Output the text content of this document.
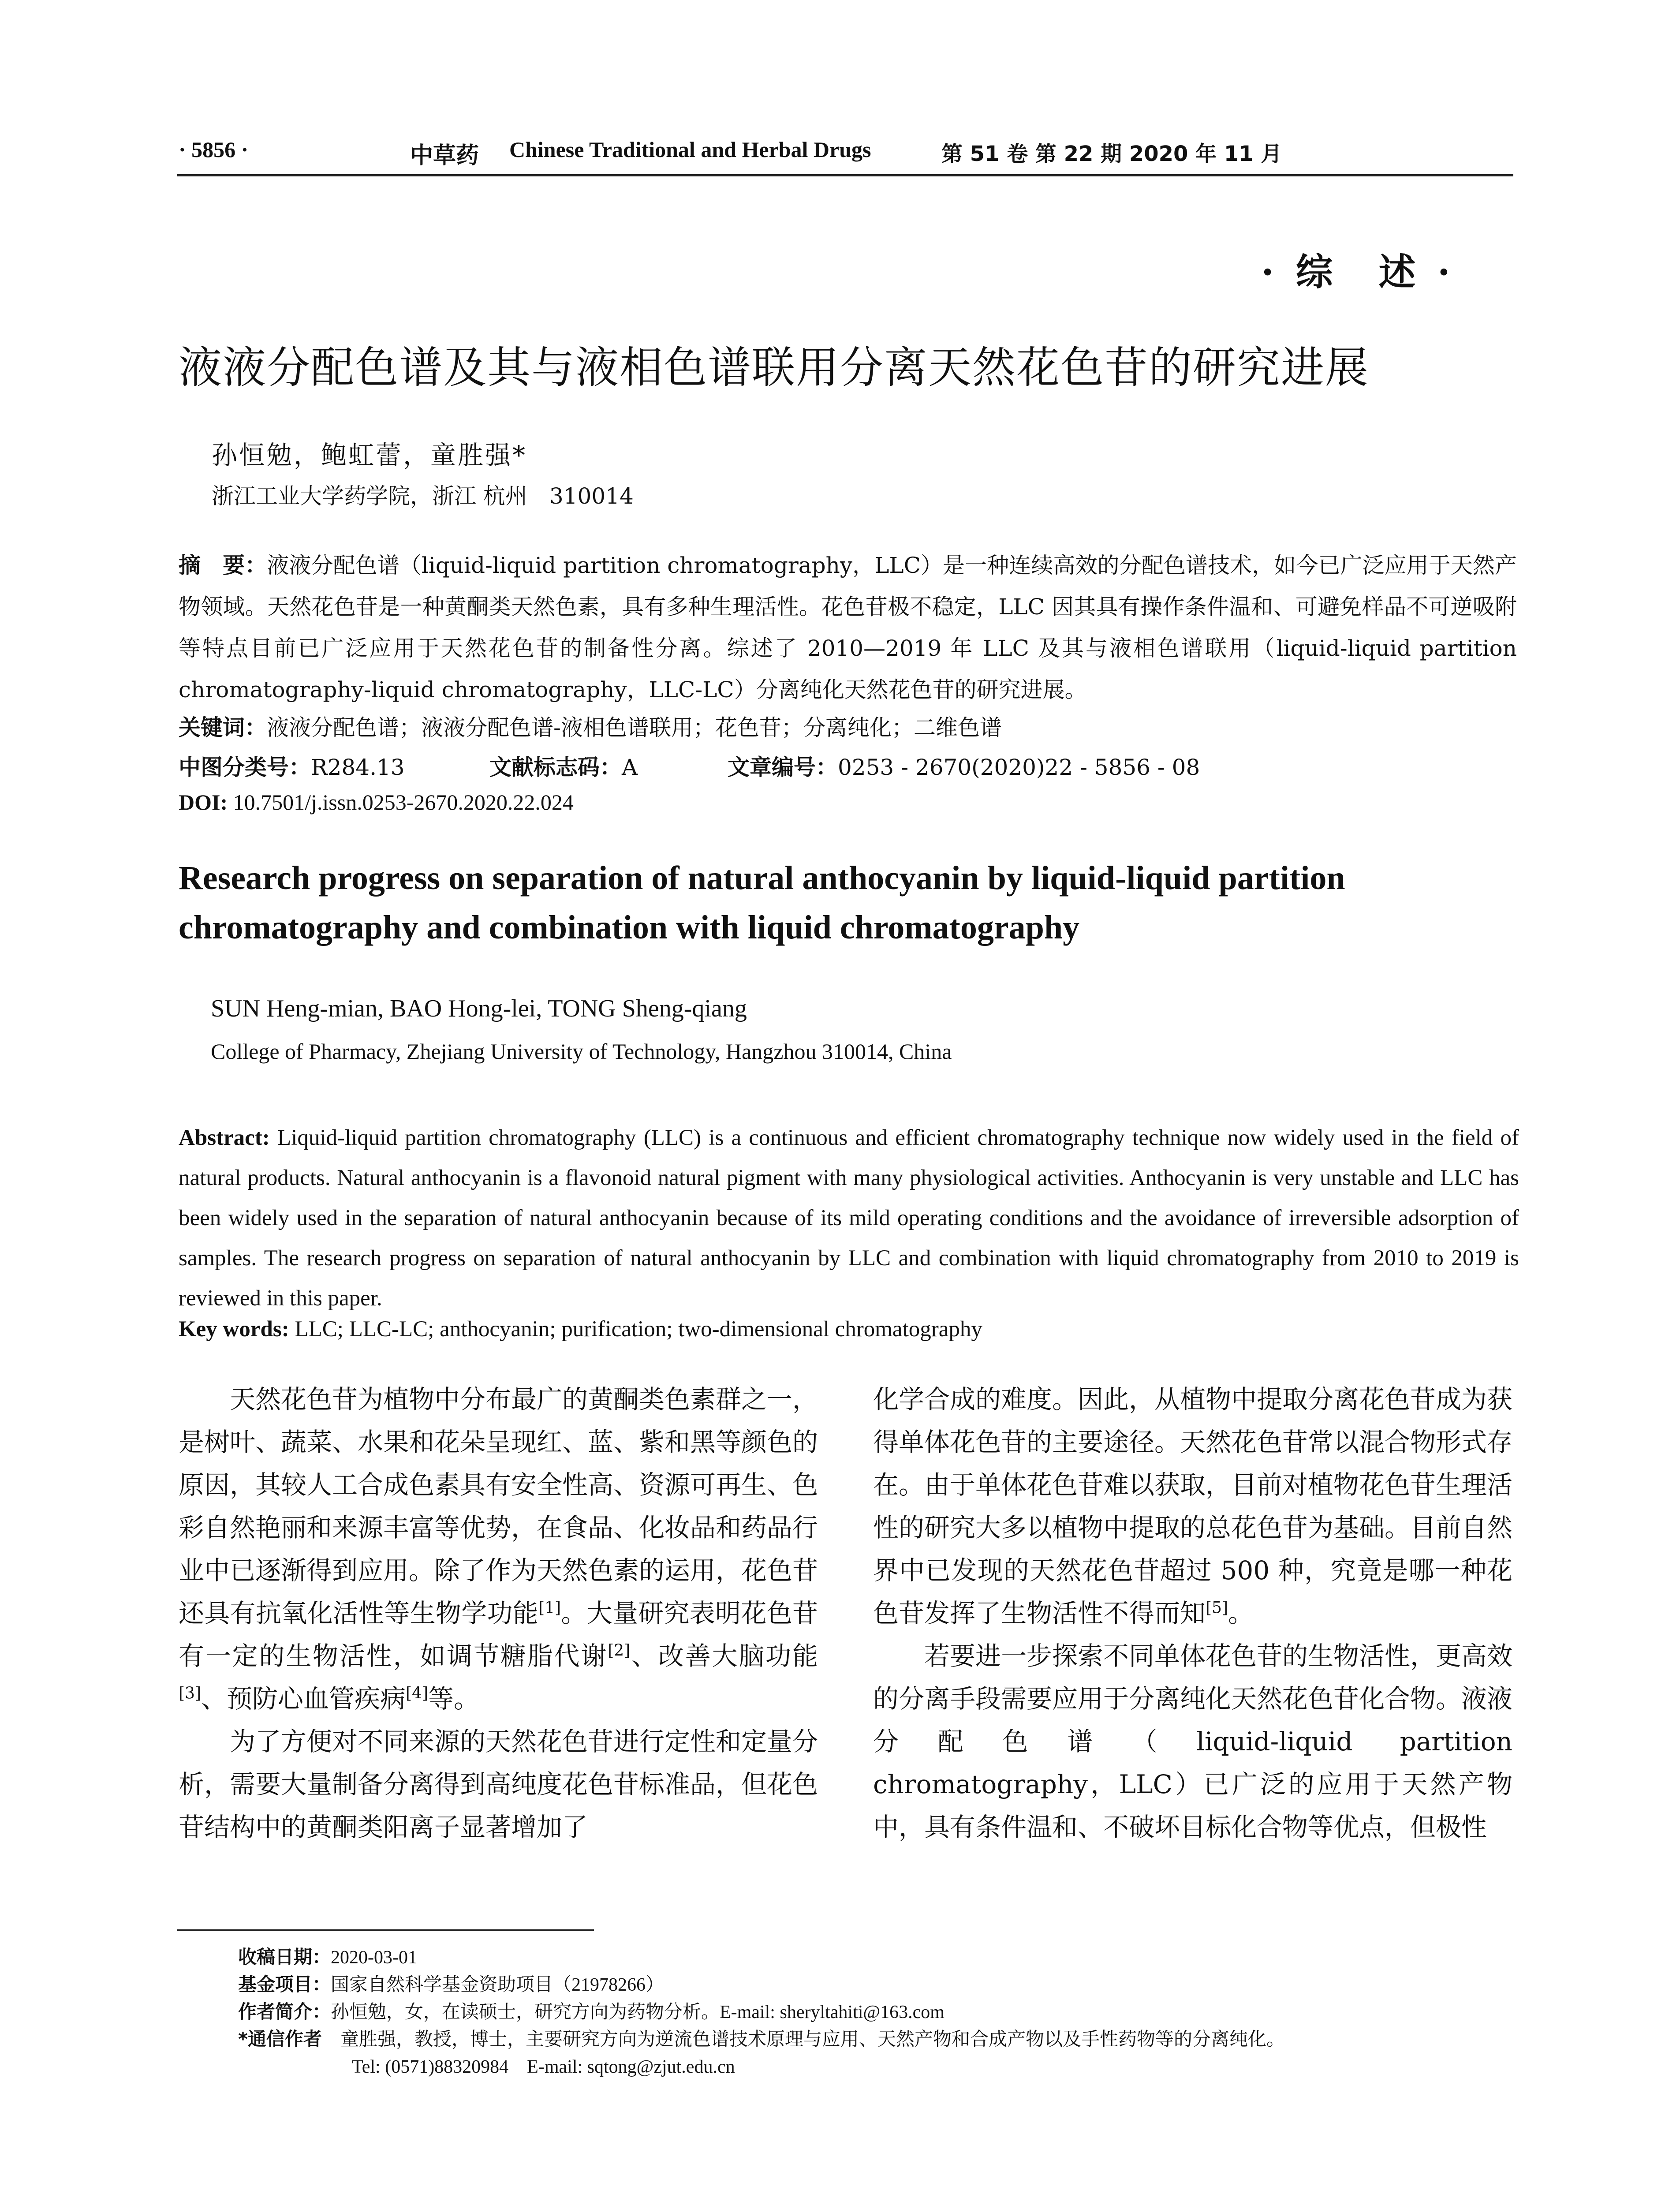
· 5856 ·	中草药 Chinese Traditional and Herbal Drugs	第 51 卷 第 22 期 2020 年 11 月
· 综　述 ·
液液分配色谱及其与液相色谱联用分离天然花色苷的研究进展
孙恒勉，鲍虹蕾，童胜强*
浙江工业大学药学院，浙江 杭州　310014
摘　要：液液分配色谱（liquid-liquid partition chromatography，LLC）是一种连续高效的分配色谱技术，如今已广泛应用于天然产物领域。天然花色苷是一种黄酮类天然色素，具有多种生理活性。花色苷极不稳定，LLC 因其具有操作条件温和、可避免样品不可逆吸附等特点目前已广泛应用于天然花色苷的制备性分离。综述了 2010—2019 年 LLC 及其与液相色谱联用（liquid-liquid partition chromatography-liquid chromatography，LLC-LC）分离纯化天然花色苷的研究进展。
关键词：液液分配色谱；液液分配色谱-液相色谱联用；花色苷；分离纯化；二维色谱
中图分类号：R284.13	文献标志码：A	文章编号：0253 - 2670(2020)22 - 5856 - 08
DOI: 10.7501/j.issn.0253-2670.2020.22.024
Research progress on separation of natural anthocyanin by liquid-liquid partition chromatography and combination with liquid chromatography
SUN Heng-mian, BAO Hong-lei, TONG Sheng-qiang
College of Pharmacy, Zhejiang University of Technology, Hangzhou 310014, China
Abstract: Liquid-liquid partition chromatography (LLC) is a continuous and efficient chromatography technique now widely used in the field of natural products. Natural anthocyanin is a flavonoid natural pigment with many physiological activities. Anthocyanin is very unstable and LLC has been widely used in the separation of natural anthocyanin because of its mild operating conditions and the avoidance of irreversible adsorption of samples. The research progress on separation of natural anthocyanin by LLC and combination with liquid chromatography from 2010 to 2019 is reviewed in this paper.
Key words: LLC; LLC-LC; anthocyanin; purification; two-dimensional chromatography

天然花色苷为植物中分布最广的黄酮类色素群之一，是树叶、蔬菜、水果和花朵呈现红、蓝、紫和黑等颜色的原因，其较人工合成色素具有安全性高、资源可再生、色彩自然艳丽和来源丰富等优势，在食品、化妆品和药品行业中已逐渐得到应用。除了作为天然色素的运用，花色苷还具有抗氧化活性等生物学功能[1]。大量研究表明花色苷有一定的生物活性，如调节糖脂代谢[2]、改善大脑功能[3]、预防心血管疾病[4]等。

为了方便对不同来源的天然花色苷进行定性和定量分析，需要大量制备分离得到高纯度花色苷标准品，但花色苷结构中的黄酮类阳离子显著增加了

化学合成的难度。因此，从植物中提取分离花色苷成为获得单体花色苷的主要途径。天然花色苷常以混合物形式存在。由于单体花色苷难以获取，目前对植物花色苷生理活性的研究大多以植物中提取的总花色苷为基础。目前自然界中已发现的天然花色苷超过 500 种，究竟是哪一种花色苷发挥了生物活性不得而知[5]。

若要进一步探索不同单体花色苷的生物活性，更高效的分离手段需要应用于分离纯化天然花色苷化合物。液液分配色谱（liquid-liquid partition chromatography，LLC）已广泛的应用于天然产物中，具有条件温和、不破坏目标化合物等优点，但极性

收稿日期：2020-03-01
基金项目：国家自然科学基金资助项目（21978266）
作者简介：孙恒勉，女，在读硕士，研究方向为药物分析。E-mail: sheryltahiti@163.com
*通信作者　 童胜强，教授，博士，主要研究方向为逆流色谱技术原理与应用、天然产物和合成产物以及手性药物等的分离纯化。
Tel: (0571)88320984　E-mail: sqtong@zjut.edu.cn
